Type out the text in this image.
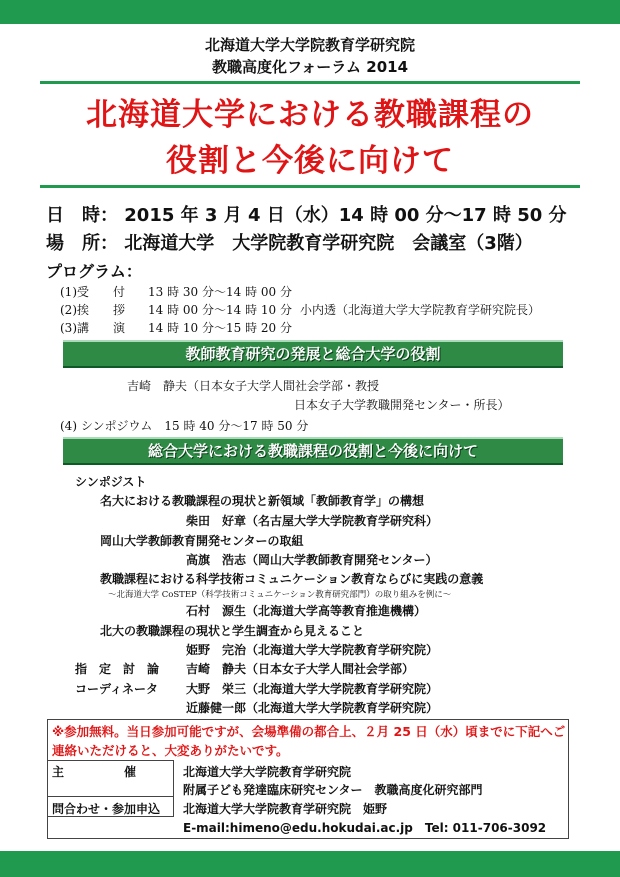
北海道大学大学院教育学研究院
教職高度化フォーラム 2014
北海道大学における教職課程の
役割と今後に向けて
日　時： 2015 年 3 月 4 日（水）14 時 00 分～17 時 50 分
場　所： 北海道大学　大学院教育学研究院　会議室（3階）
プログラム：
(1)受　　付 13 時 30 分～14 時 00 分
(2)挨　　拶 14 時 00 分～14 時 10 分 小内透（北海道大学大学院教育学研究院長）
(3)講　　演 14 時 10 分～15 時 20 分
教師教育研究の発展と総合大学の役割
吉崎　静夫（日本女子大学人間社会学部・教授
日本女子大学教職開発センター・所長）
(4) シンポジウム　15 時 40 分～17 時 50 分
総合大学における教職課程の役割と今後に向けて
シンポジスト
名大における教職課程の現状と新領域「教師教育学」の構想
柴田　好章（名古屋大学大学院教育学研究科）
岡山大学教師教育開発センターの取組
高旗　浩志（岡山大学教師教育開発センター）
教職課程における科学技術コミュニケーション教育ならびに実践の意義
～北海道大学 CoSTEP（科学技術コミュニケーション教育研究部門）の取り組みを例に～
石村　源生（北海道大学高等教育推進機構）
北大の教職課程の現状と学生調査から見えること
姫野　完治（北海道大学大学院教育学研究院）
指　定　討　論 吉崎　静夫（日本女子大学人間社会学部）
コーディネータ 大野　栄三（北海道大学大学院教育学研究院）
近藤健一郎（北海道大学大学院教育学研究院）
※参加無料。当日参加可能ですが、会場準備の都合上、２月 25 日（水）頃までに下記へご
連絡いただけると、大変ありがたいです。
主　　　　　催	北海道大学大学院教育学研究院
附属子ども発達臨床研究センター　教職高度化研究部門
問合わせ・参加申込 北海道大学大学院教育学研究院　姫野
E-mail:himeno@edu.hokudai.ac.jp　Tel: 011-706-3092
